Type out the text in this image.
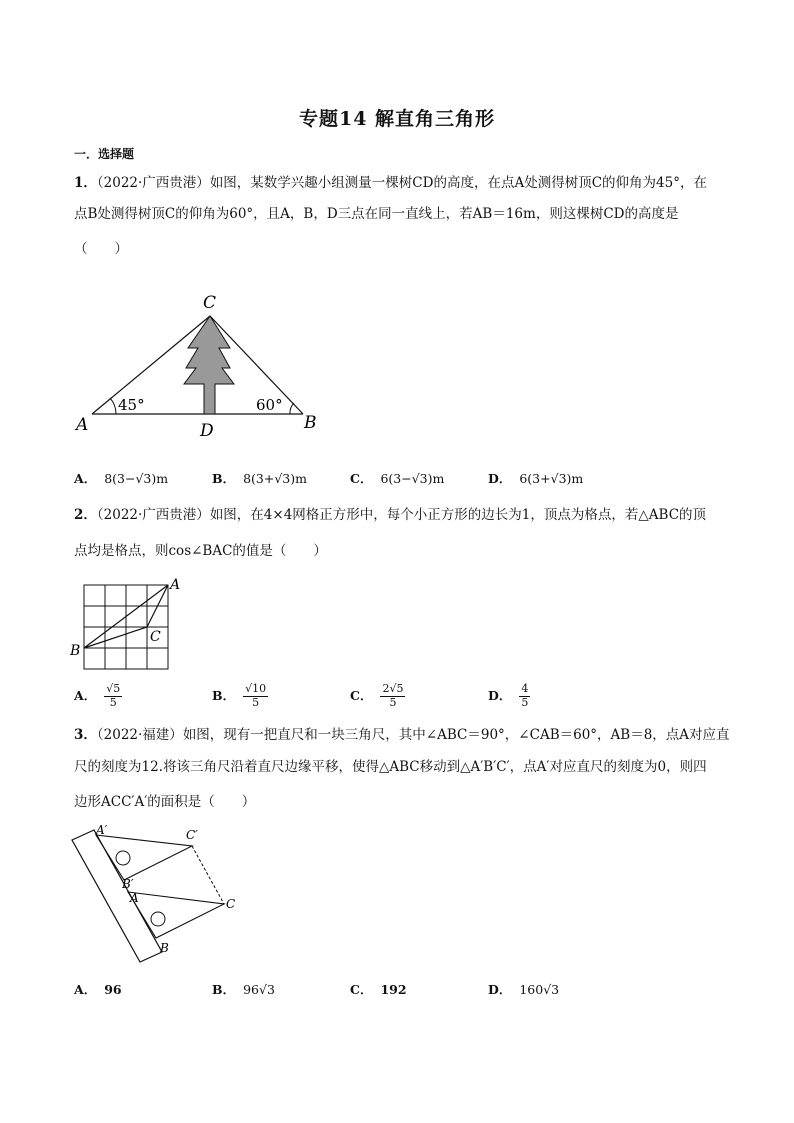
专题14 解直角三角形
一．选择题
1．（2022·广西贵港）如图，某数学兴趣小组测量一棵树CD的高度，在点A处测得树顶C的仰角为45°，在
点B处测得树顶C的仰角为60°，且A，B，D三点在同一直线上，若AB＝16m，则这棵树CD的高度是
（　　）
C
A	B
D
45°	60°
A． 8(3−√3)m	B． 8(3+√3)m	C． 6(3−√3)m	D． 6(3+√3)m
2．（2022·广西贵港）如图，在4×4网格正方形中，每个小正方形的边长为1，顶点为格点，若△ABC的顶
点均是格点，则cos∠BAC的值是（　　）
A
B
C
A． $\frac{√5}{5}$	B． $\frac{√10}{5}$	C． $\frac{2√5}{5}$	D． $\frac{4}{5}$
3．（2022·福建）如图，现有一把直尺和一块三角尺，其中∠ABC＝90°，∠CAB＝60°，AB＝8，点A对应直
尺的刻度为12.将该三角尺沿着直尺边缘平移，使得△ABC移动到△A′B′C′，点A′对应直尺的刻度为0，则四
边形ACC′A′的面积是（　　）
A′	C′
B′
A	C
B
A． 96	B． 96√3	C． 192	D． 160√3
